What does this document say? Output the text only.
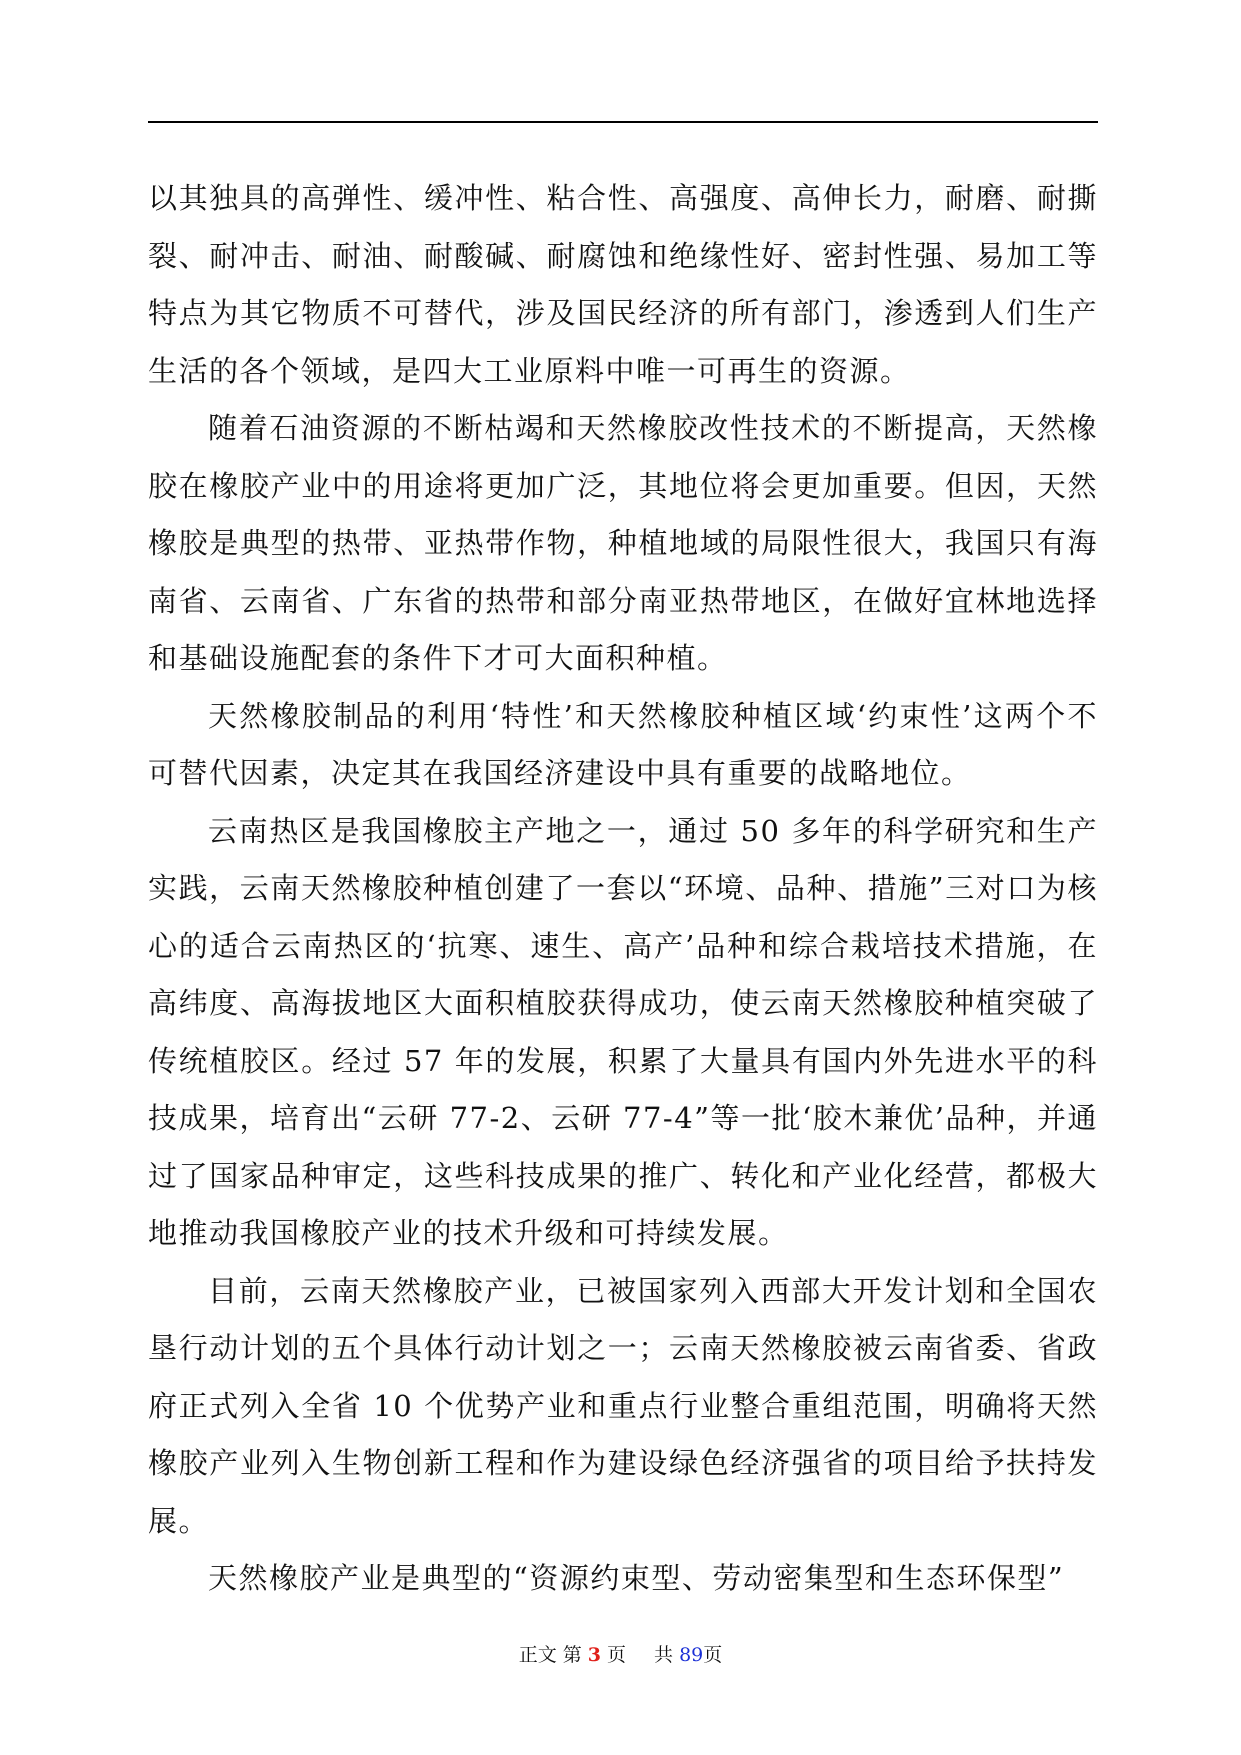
以其独具的高弹性、缓冲性、粘合性、高强度、高伸长力，耐磨、耐撕裂、耐冲击、耐油、耐酸碱、耐腐蚀和绝缘性好、密封性强、易加工等特点为其它物质不可替代，涉及国民经济的所有部门，渗透到人们生产生活的各个领域，是四大工业原料中唯一可再生的资源。

随着石油资源的不断枯竭和天然橡胶改性技术的不断提高，天然橡胶在橡胶产业中的用途将更加广泛，其地位将会更加重要。但因，天然橡胶是典型的热带、亚热带作物，种植地域的局限性很大，我国只有海南省、云南省、广东省的热带和部分南亚热带地区，在做好宜林地选择和基础设施配套的条件下才可大面积种植。

天然橡胶制品的利用‘特性’和天然橡胶种植区域‘约束性’这两个不可替代因素，决定其在我国经济建设中具有重要的战略地位。

云南热区是我国橡胶主产地之一，通过 50 多年的科学研究和生产实践，云南天然橡胶种植创建了一套以“环境、品种、措施”三对口为核心的适合云南热区的‘抗寒、速生、高产’品种和综合栽培技术措施，在高纬度、高海拔地区大面积植胶获得成功，使云南天然橡胶种植突破了传统植胶区。经过 57 年的发展，积累了大量具有国内外先进水平的科技成果，培育出“云研 77-2、云研 77-4”等一批‘胶木兼优’品种，并通过了国家品种审定，这些科技成果的推广、转化和产业化经营，都极大地推动我国橡胶产业的技术升级和可持续发展。

目前，云南天然橡胶产业，已被国家列入西部大开发计划和全国农垦行动计划的五个具体行动计划之一；云南天然橡胶被云南省委、省政府正式列入全省 10 个优势产业和重点行业整合重组范围，明确将天然橡胶产业列入生物创新工程和作为建设绿色经济强省的项目给予扶持发展。

天然橡胶产业是典型的“资源约束型、劳动密集型和生态环保型”

正文 第 3 页 共 89页
